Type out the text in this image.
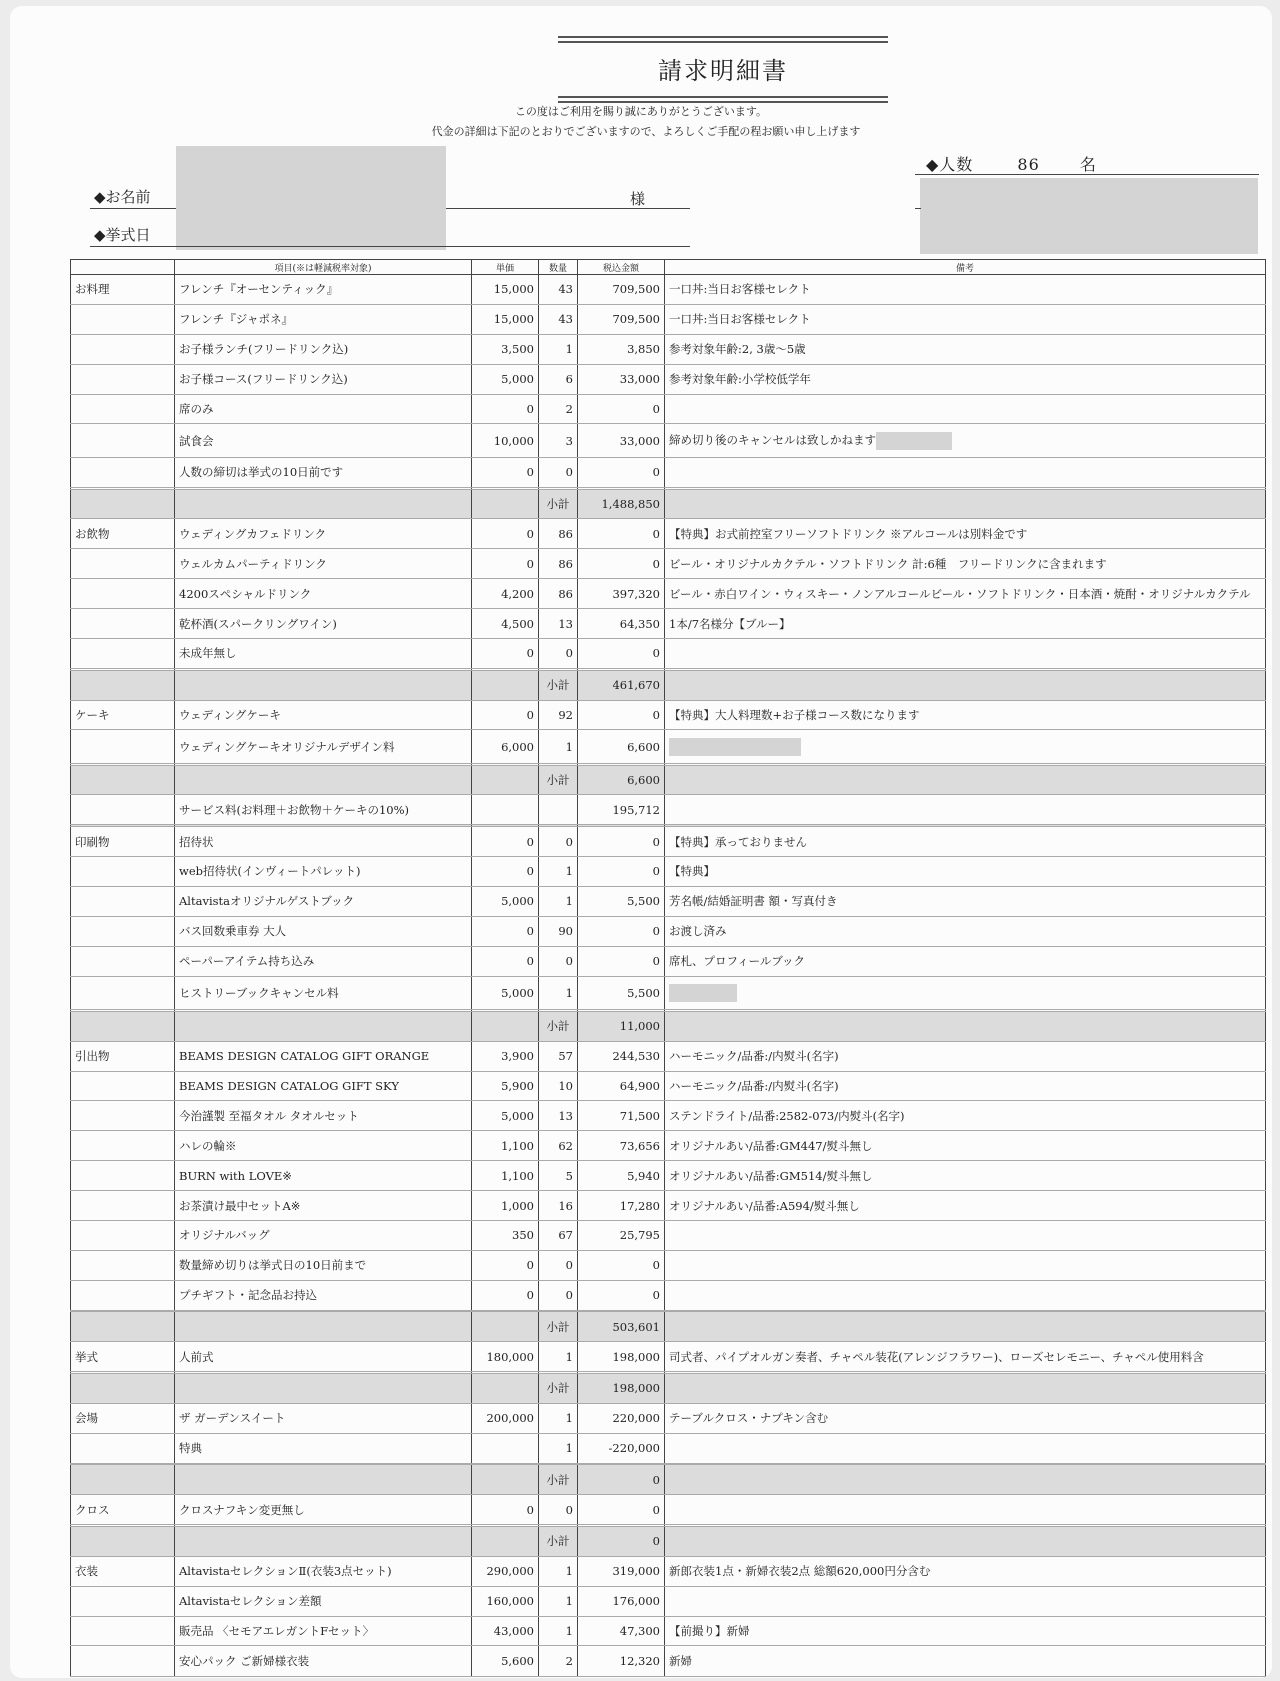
請求明細書
この度はご利用を賜り誠にありがとうございます。
代金の詳細は下記のとおりでございますので、よろしくご手配の程お願い申し上げます
◆人数	86	名
◆お名前	様
◆挙式日
	項目(※は軽減税率対象)	単価	数量	税込金額	備考
お料理	フレンチ『オーセンティック』	15,000	43	709,500	一口丼:当日お客様セレクト
	フレンチ『ジャポネ』	15,000	43	709,500	一口丼:当日お客様セレクト
	お子様ランチ(フリードリンク込)	3,500	1	3,850	参考対象年齢:2, 3歳〜5歳
	お子様コース(フリードリンク込)	5,000	6	33,000	参考対象年齢:小学校低学年
	席のみ	0	2	0	
	試食会	10,000	3	33,000	締め切り後のキャンセルは致しかねます
	人数の締切は挙式の10日前です	0	0	0	

			小計	1,488,850	
お飲物	ウェディングカフェドリンク	0	86	0	【特典】お式前控室フリーソフトドリンク ※アルコールは別料金です
	ウェルカムパーティドリンク	0	86	0	ビール・オリジナルカクテル・ソフトドリンク 計:6種　フリードリンクに含まれます
	4200スペシャルドリンク	4,200	86	397,320	ビール・赤白ワイン・ウィスキー・ノンアルコールビール・ソフトドリンク・日本酒・焼酎・オリジナルカクテル
	乾杯酒(スパークリングワイン)	4,500	13	64,350	1本/7名様分【ブルー】
	未成年無し	0	0	0	

			小計	461,670	
ケーキ	ウェディングケーキ	0	92	0	【特典】大人料理数+お子様コース数になります
	ウェディングケーキオリジナルデザイン料	6,000	1	6,600	

			小計	6,600	
	サービス料(お料理＋お飲物＋ケーキの10%)			195,712	

印刷物	招待状	0	0	0	【特典】承っておりません
	web招待状(インヴィートパレット)	0	1	0	【特典】
	Altavistaオリジナルゲストブック	5,000	1	5,500	芳名帳/結婚証明書 額・写真付き
	バス回数乗車券 大人	0	90	0	お渡し済み
	ペーパーアイテム持ち込み	0	0	0	席札、プロフィールブック
	ヒストリーブックキャンセル料	5,000	1	5,500	

			小計	11,000	
引出物	BEAMS DESIGN CATALOG GIFT ORANGE	3,900	57	244,530	ハーモニック/品番:/内熨斗(名字)
	BEAMS DESIGN CATALOG GIFT SKY	5,900	10	64,900	ハーモニック/品番:/内熨斗(名字)
	今治謹製 至福タオル タオルセット	5,000	13	71,500	ステンドライト/品番:2582-073/内熨斗(名字)
	ハレの輪※	1,100	62	73,656	オリジナルあい/品番:GM447/熨斗無し
	BURN with LOVE※	1,100	5	5,940	オリジナルあい/品番:GM514/熨斗無し
	お茶漬け最中セットA※	1,000	16	17,280	オリジナルあい/品番:A594/熨斗無し
	オリジナルバッグ	350	67	25,795	
	数量締め切りは挙式日の10日前まで	0	0	0	
	プチギフト・記念品お持込	0	0	0	

			小計	503,601	
挙式	人前式	180,000	1	198,000	司式者、パイプオルガン奏者、チャペル装花(アレンジフラワー)、ローズセレモニー、チャペル使用料含

			小計	198,000	
会場	ザ ガーデンスイート	200,000	1	220,000	テーブルクロス・ナプキン含む
	特典		1	-220,000	

			小計	0	
クロス	クロスナフキン変更無し	0	0	0	

			小計	0	
衣装	AltavistaセレクションⅡ(衣装3点セット)	290,000	1	319,000	新郎衣装1点・新婦衣装2点 総額620,000円分含む
	Altavistaセレクション差額	160,000	1	176,000	
	販売品 〈セモアエレガントFセット〉	43,000	1	47,300	【前撮り】新婦
	安心パック ご新婦様衣装	5,600	2	12,320	新婦
